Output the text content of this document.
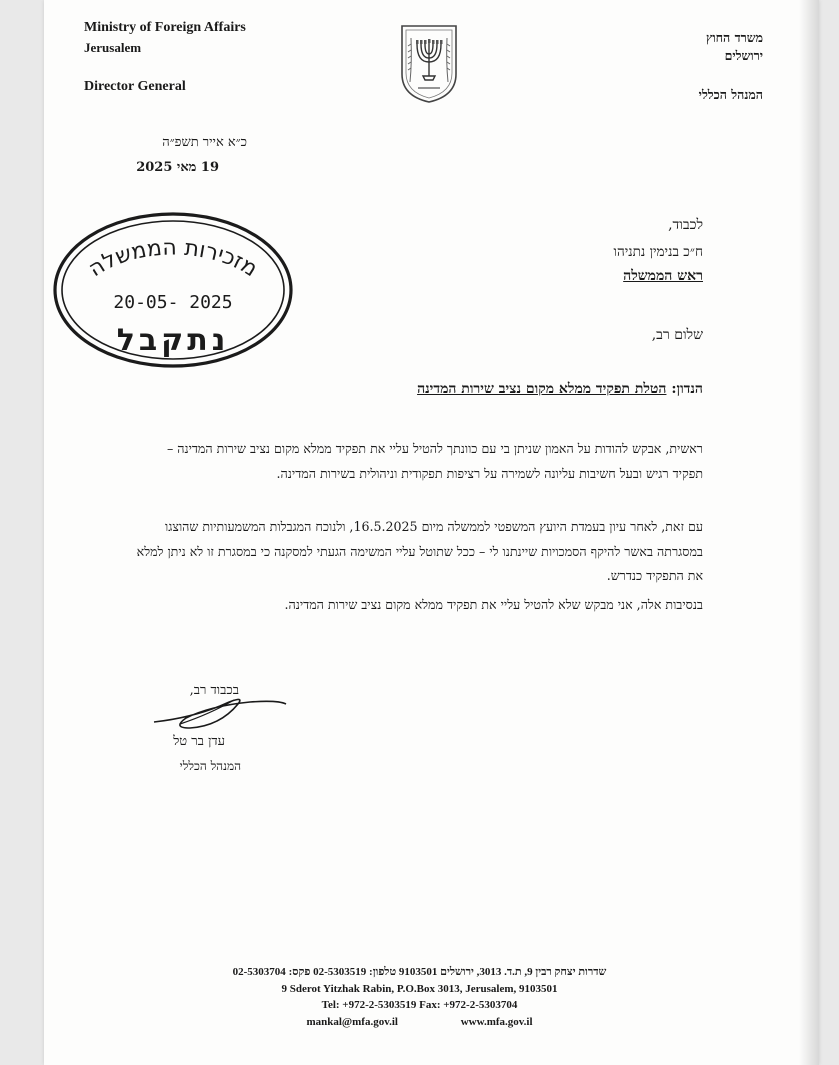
Ministry of Foreign Affairs

Jerusalem

Director General

משרד החוץ

ירושלים

המנהל הכללי

כ״א אייר תשפ״ה

19 מאי 2025

מזכירות הממשלה
20-05- 2025
נתקבל

לכבוד,

ח״כ בנימין נתניהו

ראש הממשלה

שלום רב,

הנדון: הטלת תפקיד ממלא מקום נציב שירות המדינה

ראשית, אבקש להודות על האמון שניתן בי עם כוונתך להטיל עליי את תפקיד ממלא מקום נציב שירות המדינה – תפקיד רגיש ובעל חשיבות עליונה לשמירה על רציפות תפקודית וניהולית בשירות המדינה.

עם זאת, לאחר עיון בעמדת היועץ המשפטי לממשלה מיום 16.5.2025, ולנוכח המגבלות המשמעותיות שהוצגו במסגרתה באשר להיקף הסמכויות שיינתנו לי – ככל שתוטל עליי המשימה הגעתי למסקנה כי במסגרת זו לא ניתן למלא את התפקיד כנדרש.

בנסיבות אלה, אני מבקש שלא להטיל עליי את תפקיד ממלא מקום נציב שירות המדינה.

בכבוד רב,

עדן בר טל

המנהל הכללי

שדרות יצחק רבין 9, ת.ד. 3013, ירושלים 9103501 טלפון: 02-5303519 פקס: 02-5303704

9 Sderot Yitzhak Rabin, P.O.Box 3013, Jerusalem, 9103501

Tel: +972-2-5303519 Fax: +972-2-5303704

mankal@mfa.gov.il	www.mfa.gov.il
